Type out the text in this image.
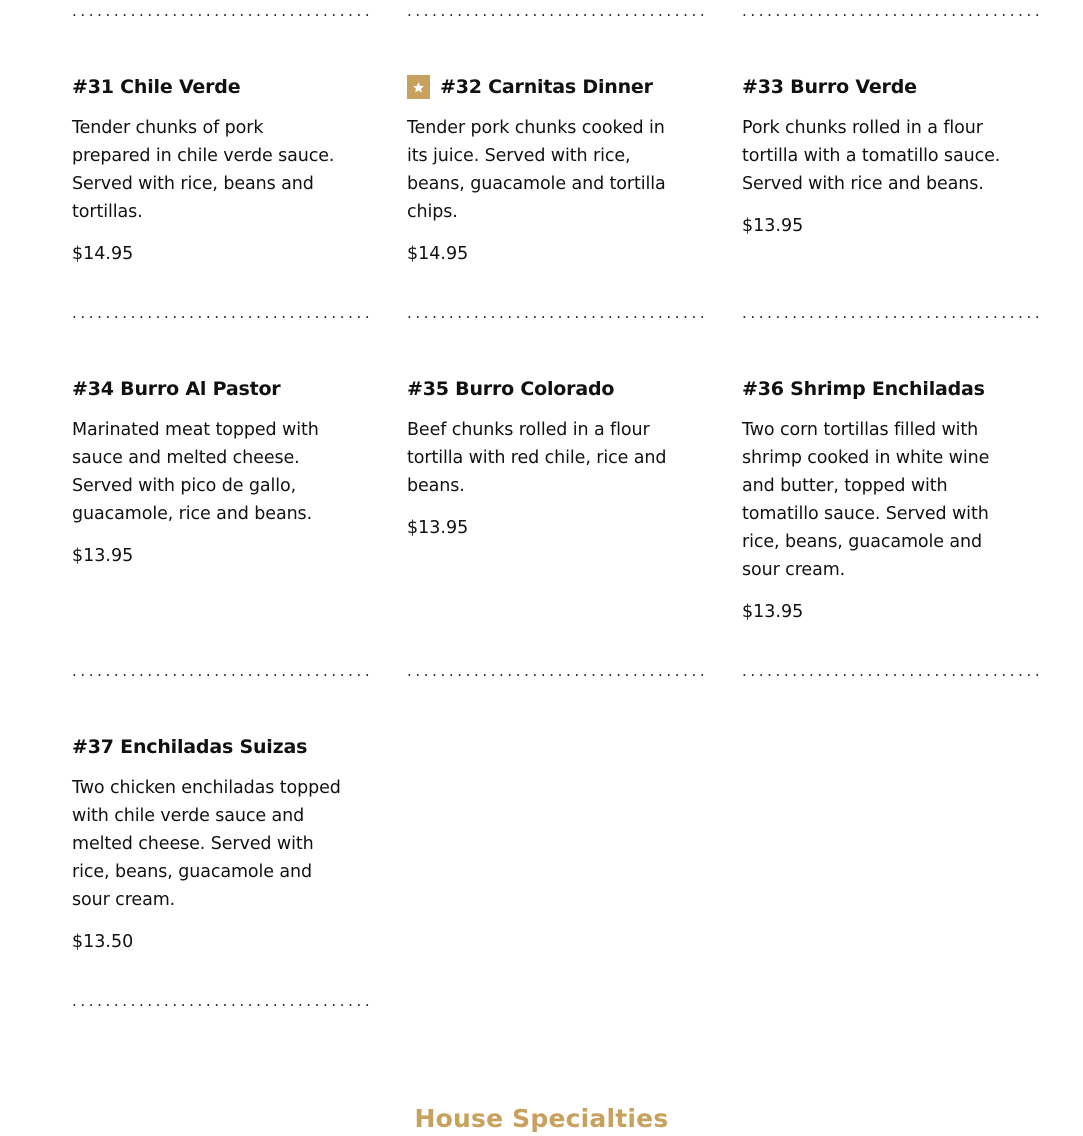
.................................... .................................... ....................................
#31 Chile Verde

Tender chunks of pork prepared in chile verde sauce. Served with rice, beans and tortillas.

$14.95

#32 Carnitas Dinner

Tender pork chunks cooked in its juice. Served with rice, beans, guacamole and tortilla chips.

$14.95

#33 Burro Verde

Pork chunks rolled in a flour tortilla with a tomatillo sauce. Served with rice and beans.

$13.95

.................................... .................................... ....................................
#34 Burro Al Pastor

Marinated meat topped with sauce and melted cheese. Served with pico de gallo, guacamole, rice and beans.

$13.95

#35 Burro Colorado

Beef chunks rolled in a flour tortilla with red chile, rice and beans.

$13.95

#36 Shrimp Enchiladas

Two corn tortillas filled with shrimp cooked in white wine and butter, topped with tomatillo sauce. Served with rice, beans, guacamole and sour cream.

$13.95

.................................... .................................... ....................................
#37 Enchiladas Suizas

Two chicken enchiladas topped with chile verde sauce and melted cheese. Served with rice, beans, guacamole and sour cream.

$13.50

....................................
House Specialties
